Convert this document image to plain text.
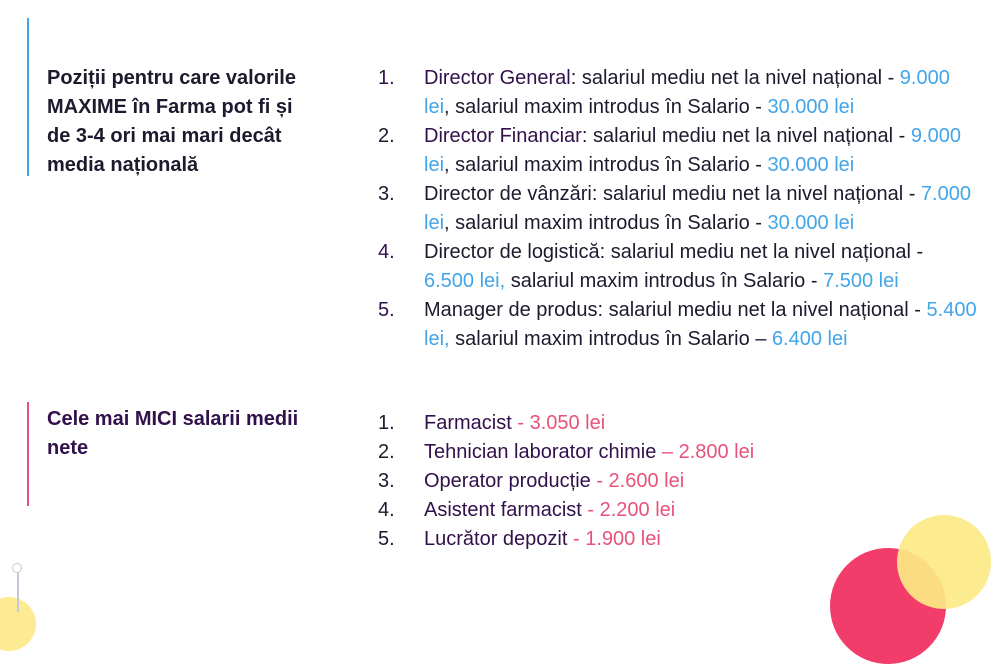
Poziții pentru care valorile MAXIME în Farma pot fi și de 3-4 ori mai mari decât media națională
1.	Director General: salariul mediu net la nivel național - 9.000 lei, salariul maxim introdus în Salario - 30.000 lei
2.	Director Financiar: salariul mediu net la nivel național - 9.000 lei, salariul maxim introdus în Salario - 30.000 lei
3.	Director de vânzări: salariul mediu net la nivel național - 7.000 lei, salariul maxim introdus în Salario - 30.000 lei
4.	Director de logistică: salariul mediu net la nivel național - 6.500 lei, salariul maxim introdus în Salario - 7.500 lei
5.	Manager de produs: salariul mediu net la nivel național - 5.400 lei, salariul maxim introdus în Salario – 6.400 lei
Cele mai MICI salarii medii nete
1.	Farmacist - 3.050 lei
2.	Tehnician laborator chimie – 2.800 lei
3.	Operator producție - 2.600 lei
4.	Asistent farmacist - 2.200 lei
5.	Lucrător depozit - 1.900 lei
